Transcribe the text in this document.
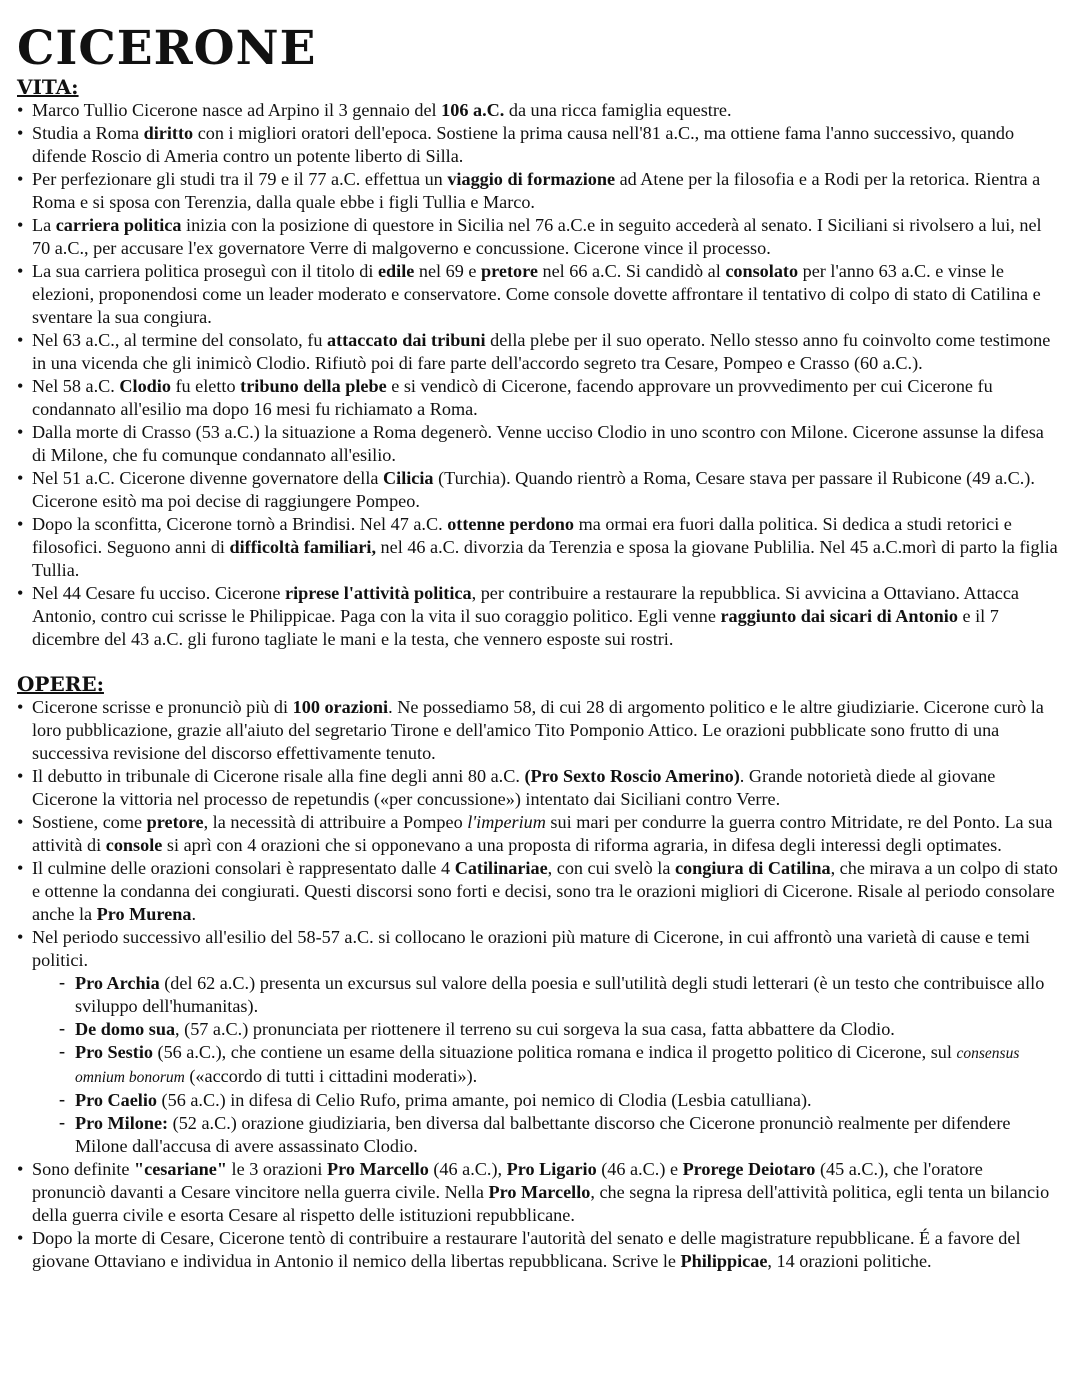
CICERONE
VITA:
• Marco Tullio Cicerone nasce ad Arpino il 3 gennaio del 106 a.C. da una ricca famiglia equestre.
• Studia a Roma diritto con i migliori oratori dell'epoca. Sostiene la prima causa nell'81 a.C., ma ottiene fama l'anno successivo, quando difende Roscio di Ameria contro un potente liberto di Silla.
• Per perfezionare gli studi tra il 79 e il 77 a.C. effettua un viaggio di formazione ad Atene per la filosofia e a Rodi per la retorica. Rientra a Roma e si sposa con Terenzia, dalla quale ebbe i figli Tullia e Marco.
• La carriera politica inizia con la posizione di questore in Sicilia nel 76 a.C.e in seguito accederà al senato. I Siciliani si rivolsero a lui, nel 70 a.C., per accusare l'ex governatore Verre di malgoverno e concussione. Cicerone vince il processo.
• La sua carriera politica proseguì con il titolo di edile nel 69 e pretore nel 66 a.C. Si candidò al consolato per l'anno 63 a.C. e vinse le elezioni, proponendosi come un leader moderato e conservatore. Come console dovette affrontare il tentativo di colpo di stato di Catilina e sventare la sua congiura.
• Nel 63 a.C., al termine del consolato, fu attaccato dai tribuni della plebe per il suo operato. Nello stesso anno fu coinvolto come testimone in una vicenda che gli inimicò Clodio. Rifiutò poi di fare parte dell'accordo segreto tra Cesare, Pompeo e Crasso (60 a.C.).
• Nel 58 a.C. Clodio fu eletto tribuno della plebe e si vendicò di Cicerone, facendo approvare un provvedimento per cui Cicerone fu condannato all'esilio ma dopo 16 mesi fu richiamato a Roma.
• Dalla morte di Crasso (53 a.C.) la situazione a Roma degenerò. Venne ucciso Clodio in uno scontro con Milone. Cicerone assunse la difesa di Milone, che fu comunque condannato all'esilio.
• Nel 51 a.C. Cicerone divenne governatore della Cilicia (Turchia). Quando rientrò a Roma, Cesare stava per passare il Rubicone (49 a.C.). Cicerone esitò ma poi decise di raggiungere Pompeo.
• Dopo la sconfitta, Cicerone tornò a Brindisi. Nel 47 a.C. ottenne perdono ma ormai era fuori dalla politica. Si dedica a studi retorici e filosofici. Seguono anni di difficoltà familiari, nel 46 a.C. divorzia da Terenzia e sposa la giovane Publilia. Nel 45 a.C.morì di parto la figlia Tullia.
• Nel 44 Cesare fu ucciso. Cicerone riprese l'attività politica, per contribuire a restaurare la repubblica. Si avvicina a Ottaviano. Attacca Antonio, contro cui scrisse le Philippicae. Paga con la vita il suo coraggio politico. Egli venne raggiunto dai sicari di Antonio e il 7 dicembre del 43 a.C. gli furono tagliate le mani e la testa, che vennero esposte sui rostri.
OPERE:
• Cicerone scrisse e pronunciò più di 100 orazioni. Ne possediamo 58, di cui 28 di argomento politico e le altre giudiziarie. Cicerone curò la loro pubblicazione, grazie all'aiuto del segretario Tirone e dell'amico Tito Pomponio Attico. Le orazioni pubblicate sono frutto di una successiva revisione del discorso effettivamente tenuto.
• Il debutto in tribunale di Cicerone risale alla fine degli anni 80 a.C. (Pro Sexto Roscio Amerino). Grande notorietà diede al giovane Cicerone la vittoria nel processo de repetundis («per concussione») intentato dai Siciliani contro Verre.
• Sostiene, come pretore, la necessità di attribuire a Pompeo l'imperium sui mari per condurre la guerra contro Mitridate, re del Ponto. La sua attività di console si aprì con 4 orazioni che si opponevano a una proposta di riforma agraria, in difesa degli interessi degli optimates.
• Il culmine delle orazioni consolari è rappresentato dalle 4 Catilinariae, con cui svelò la congiura di Catilina, che mirava a un colpo di stato e ottenne la condanna dei congiurati. Questi discorsi sono forti e decisi, sono tra le orazioni migliori di Cicerone. Risale al periodo consolare anche la Pro Murena.
• Nel periodo successivo all'esilio del 58-57 a.C. si collocano le orazioni più mature di Cicerone, in cui affrontò una varietà di cause e temi politici.
- Pro Archia (del 62 a.C.) presenta un excursus sul valore della poesia e sull'utilità degli studi letterari (è un testo che contribuisce allo sviluppo dell'humanitas).
- De domo sua, (57 a.C.) pronunciata per riottenere il terreno su cui sorgeva la sua casa, fatta abbattere da Clodio.
- Pro Sestio (56 a.C.), che contiene un esame della situazione politica romana e indica il progetto politico di Cicerone, sul consensus omnium bonorum («accordo di tutti i cittadini moderati»).
- Pro Caelio (56 a.C.) in difesa di Celio Rufo, prima amante, poi nemico di Clodia (Lesbia catulliana).
- Pro Milone: (52 a.C.) orazione giudiziaria, ben diversa dal balbettante discorso che Cicerone pronunciò realmente per difendere Milone dall'accusa di avere assassinato Clodio.
• Sono definite "cesariane" le 3 orazioni Pro Marcello (46 a.C.), Pro Ligario (46 a.C.) e Prorege Deiotaro (45 a.C.), che l'oratore pronunciò davanti a Cesare vincitore nella guerra civile. Nella Pro Marcello, che segna la ripresa dell'attività politica, egli tenta un bilancio della guerra civile e esorta Cesare al rispetto delle istituzioni repubblicane.
• Dopo la morte di Cesare, Cicerone tentò di contribuire a restaurare l'autorità del senato e delle magistrature repubblicane. É a favore del giovane Ottaviano e individua in Antonio il nemico della libertas repubblicana. Scrive le Philippicae, 14 orazioni politiche.
